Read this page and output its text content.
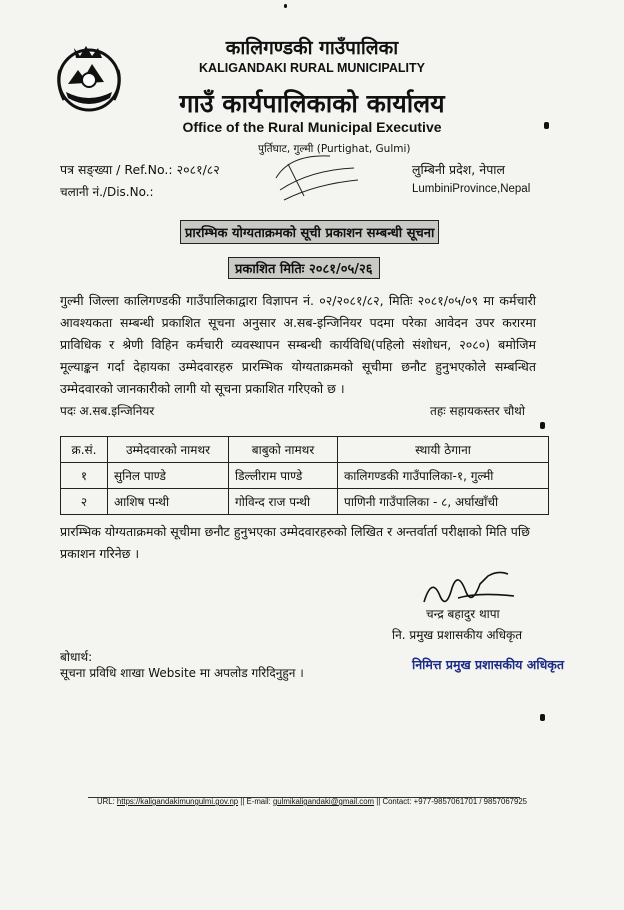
कालिगण्डकी गाउँपालिका
KALIGANDAKI RURAL MUNICIPALITY
गाउँ कार्यपालिकाको कार्यालय
Office of the Rural Municipal Executive
पुर्तिघाट, गुल्मी (Purtighat, Gulmi)
पत्र सङ्ख्या / Ref.No.: २०८१/८२
चलानी नं./Dis.No.:
लुम्बिनी प्रदेश, नेपाल
LumbiniProvince,Nepal
प्रारम्भिक योग्यताक्रमको सूची प्रकाशन सम्बन्धी सूचना
प्रकाशित मितिः २०८१/०५/२६
गुल्मी जिल्ला कालिगण्डकी गाउँपालिकाद्वारा विज्ञापन नं. ०२/२०८१/८२, मितिः २०८१/०५/०९ मा कर्मचारी आवश्यकता सम्बन्धी प्रकाशित सूचना अनुसार अ.सब-इन्जिनियर पदमा परेका आवेदन उपर करारमा प्राविधिक र श्रेणी विहिन कर्मचारी व्यवस्थापन सम्बन्धी कार्यविधि(पहिलो संशोधन, २०८०) बमोजिम मूल्याङ्कन गर्दा देहायका उम्मेदवारहरु प्रारम्भिक योग्यताक्रमको सूचीमा छनौट हुनुभएकोले सम्बन्धित उम्मेदवारको जानकारीको लागी यो सूचना प्रकाशित गरिएको छ ।
पदः अ.सब.इन्जिनियर	तहः सहायकस्तर चौथो
क्र.सं.	उम्मेदवारको नामथर	बाबुको नामथर	स्थायी ठेगाना
१	सुनिल पाण्डे	डिल्लीराम पाण्डे	कालिगण्डकी गाउँपालिका-१, गुल्मी
२	आशिष पन्थी	गोविन्द राज पन्थी	पाणिनी गाउँपालिका - ८, अर्घाखाँची
प्रारम्भिक योग्यताक्रमको सूचीमा छनौट हुनुभएका उम्मेदवारहरुको लिखित र अन्तर्वार्ता परीक्षाको मिति पछि प्रकाशन गरिनेछ ।
चन्द्र बहादुर थापा
नि. प्रमुख प्रशासकीय अधिकृत
निमित्त प्रमुख प्रशासकीय अधिकृत
बोधार्थ:
सूचना प्रविधि शाखा Website मा अपलोड गरिदिनुहुन ।
URL: https://kaligandakimungulmi.gov.np || E-mail: gulmikaligandaki@gmail.com || Contact: +977-9857061701 / 9857067925
